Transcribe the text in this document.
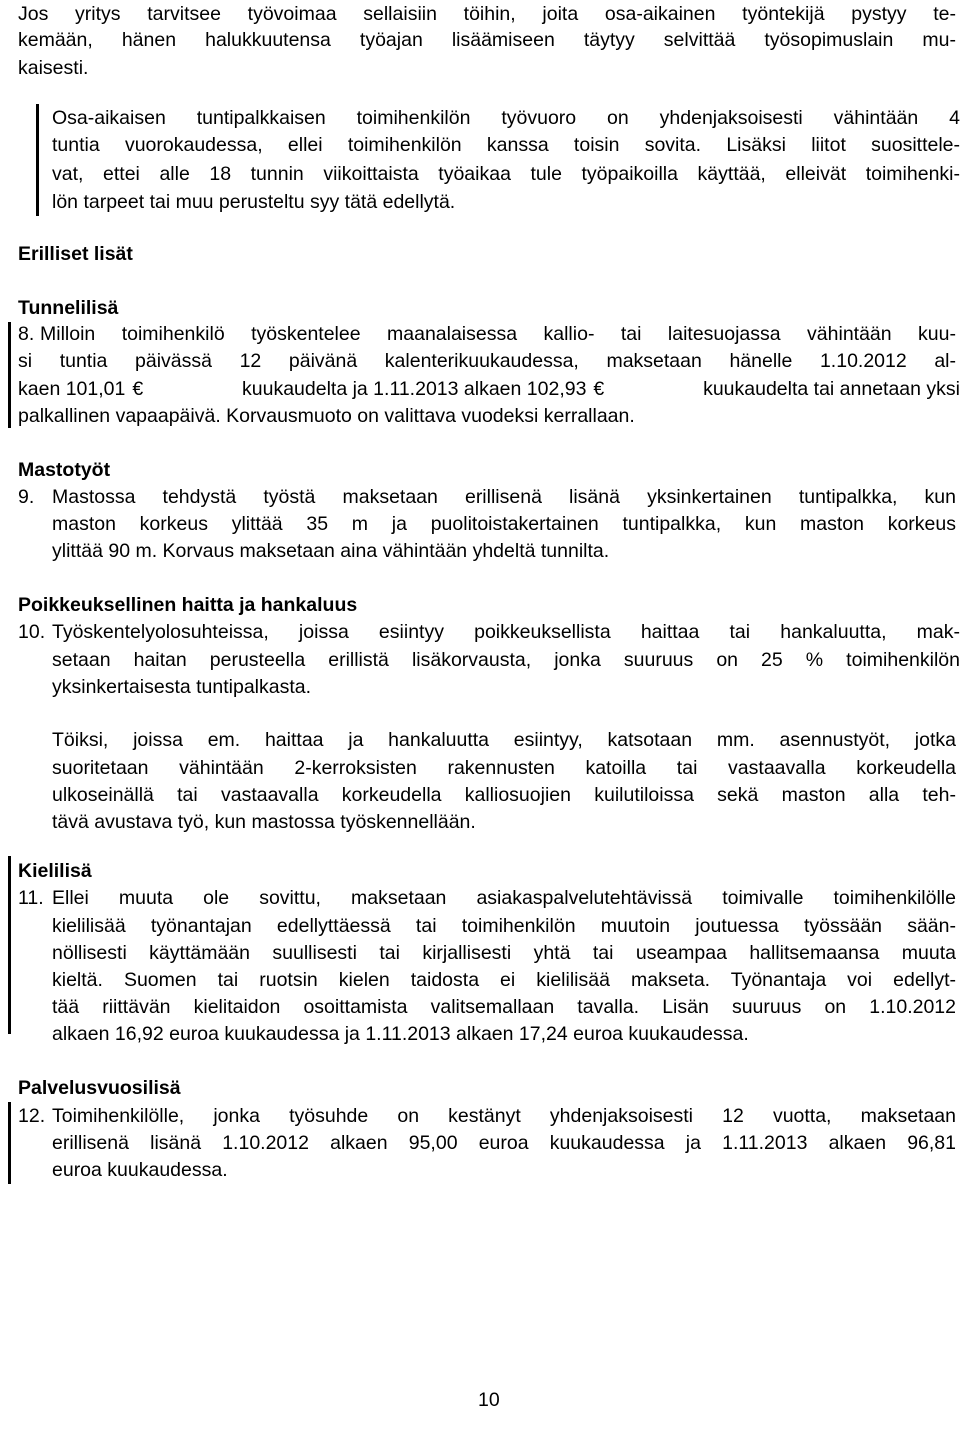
Jos yritys tarvitsee työvoimaa sellaisiin töihin, joita osa-aikainen työntekijä pystyy te-
kemään, hänen halukkuutensa työajan lisäämiseen täytyy selvittää työsopimuslain mu-
kaisesti.
Osa-aikaisen tuntipalkkaisen toimihenkilön työvuoro on yhdenjaksoisesti vähintään 4
tuntia vuorokaudessa, ellei toimihenkilön kanssa toisin sovita. Lisäksi liitot suosittele-
vat, ettei alle 18 tunnin viikoittaista työaikaa tule työpaikoilla käyttää, elleivät toimihenki-
lön tarpeet tai muu perusteltu syy tätä edellytä.
Erilliset lisät
Tunnelilisä
8. Milloin toimihenkilö työskentelee maanalaisessa kallio- tai laitesuojassa vähintään kuu-
si tuntia päivässä 12 päivänä kalenterikuukaudessa, maksetaan hänelle 1.10.2012 al-
kaen 101,01 €	kuukaudelta ja 1.11.2013 alkaen 102,93 €	kuukaudelta tai annetaan yksi
palkallinen vapaapäivä. Korvausmuoto on valittava vuodeksi kerrallaan.
Mastotyöt
9. Mastossa tehdystä työstä maksetaan erillisenä lisänä yksinkertainen tuntipalkka, kun
maston korkeus ylittää 35 m ja puolitoistakertainen tuntipalkka, kun maston korkeus
ylittää 90 m. Korvaus maksetaan aina vähintään yhdeltä tunnilta.
Poikkeuksellinen haitta ja hankaluus
10. Työskentelyolosuhteissa, joissa esiintyy poikkeuksellista haittaa tai hankaluutta, mak-
setaan haitan perusteella erillistä lisäkorvausta, jonka suuruus on 25 % toimihenkilön
yksinkertaisesta tuntipalkasta.
Töiksi, joissa em. haittaa ja hankaluutta esiintyy, katsotaan mm. asennustyöt, jotka
suoritetaan vähintään 2-kerroksisten rakennusten katoilla tai vastaavalla korkeudella
ulkoseinällä tai vastaavalla korkeudella kalliosuojien kuilutiloissa sekä maston alla teh-
tävä avustava työ, kun mastossa työskennellään.
Kielilisä
11. Ellei muuta ole sovittu, maksetaan asiakaspalvelutehtävissä toimivalle toimihenkilölle
kielilisää työnantajan edellyttäessä tai toimihenkilön muutoin joutuessa työssään sään-
nöllisesti käyttämään suullisesti tai kirjallisesti yhtä tai useampaa hallitsemaansa muuta
kieltä. Suomen tai ruotsin kielen taidosta ei kielilisää makseta. Työnantaja voi edellyt-
tää riittävän kielitaidon osoittamista valitsemallaan tavalla. Lisän suuruus on 1.10.2012
alkaen 16,92 euroa kuukaudessa ja 1.11.2013 alkaen 17,24 euroa kuukaudessa.
Palvelusvuosilisä
12. Toimihenkilölle, jonka työsuhde on kestänyt yhdenjaksoisesti 12 vuotta, maksetaan
erillisenä lisänä 1.10.2012 alkaen 95,00 euroa kuukaudessa ja 1.11.2013 alkaen 96,81
euroa kuukaudessa.
10
